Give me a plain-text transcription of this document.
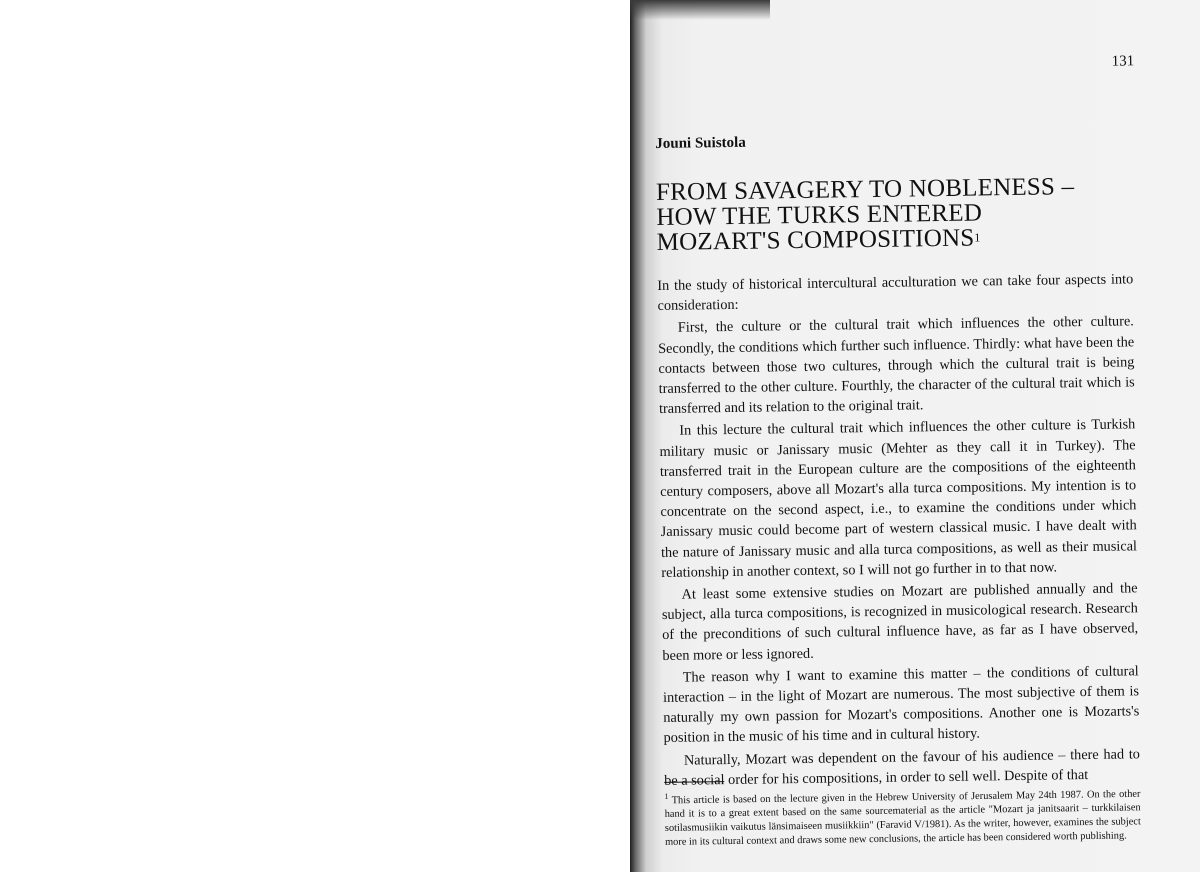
131
Jouni Suistola
FROM SAVAGERY TO NOBLENESS –
HOW THE TURKS ENTERED
MOZART'S COMPOSITIONS$^1$

In the study of historical intercultural acculturation we can take four aspects into consideration:

First, the culture or the cultural trait which influences the other culture. Secondly, the conditions which further such influence. Thirdly: what have been the contacts between those two cultures, through which the cultural trait is being transferred to the other culture. Fourthly, the character of the cultural trait which is transferred and its relation to the original trait.

In this lecture the cultural trait which influences the other culture is Turkish military music or Janissary music (Mehter as they call it in Turkey). The transferred trait in the European culture are the compositions of the eighteenth century composers, above all Mozart's alla turca compositions. My intention is to concentrate on the second aspect, i.e., to examine the conditions under which Janissary music could become part of western classical music. I have dealt with the nature of Janissary music and alla turca compositions, as well as their musical relationship in another context, so I will not go further in to that now.

At least some extensive studies on Mozart are published annually and the subject, alla turca compositions, is recognized in musicological research. Research of the preconditions of such cultural influence have, as far as I have observed, been more or less ignored.

The reason why I want to examine this matter – the conditions of cultural interaction – in the light of Mozart are numerous. The most subjective of them is naturally my own passion for Mozart's compositions. Another one is Mozarts's position in the music of his time and in cultural history.

Naturally, Mozart was dependent on the favour of his audience – there had to be a social order for his compositions, in order to sell well. Despite of that

$^1$ This article is based on the lecture given in the Hebrew University of Jerusalem May 24th 1987. On the other hand it is to a great extent based on the same sourcematerial as the article "Mozart ja janitsaarit – turkkilaisen sotilasmusiikin vaikutus länsimaiseen musiikkiin" (Faravid V/1981). As the writer, however, examines the subject more in its cultural context and draws some new conclusions, the article has been considered worth publishing.
